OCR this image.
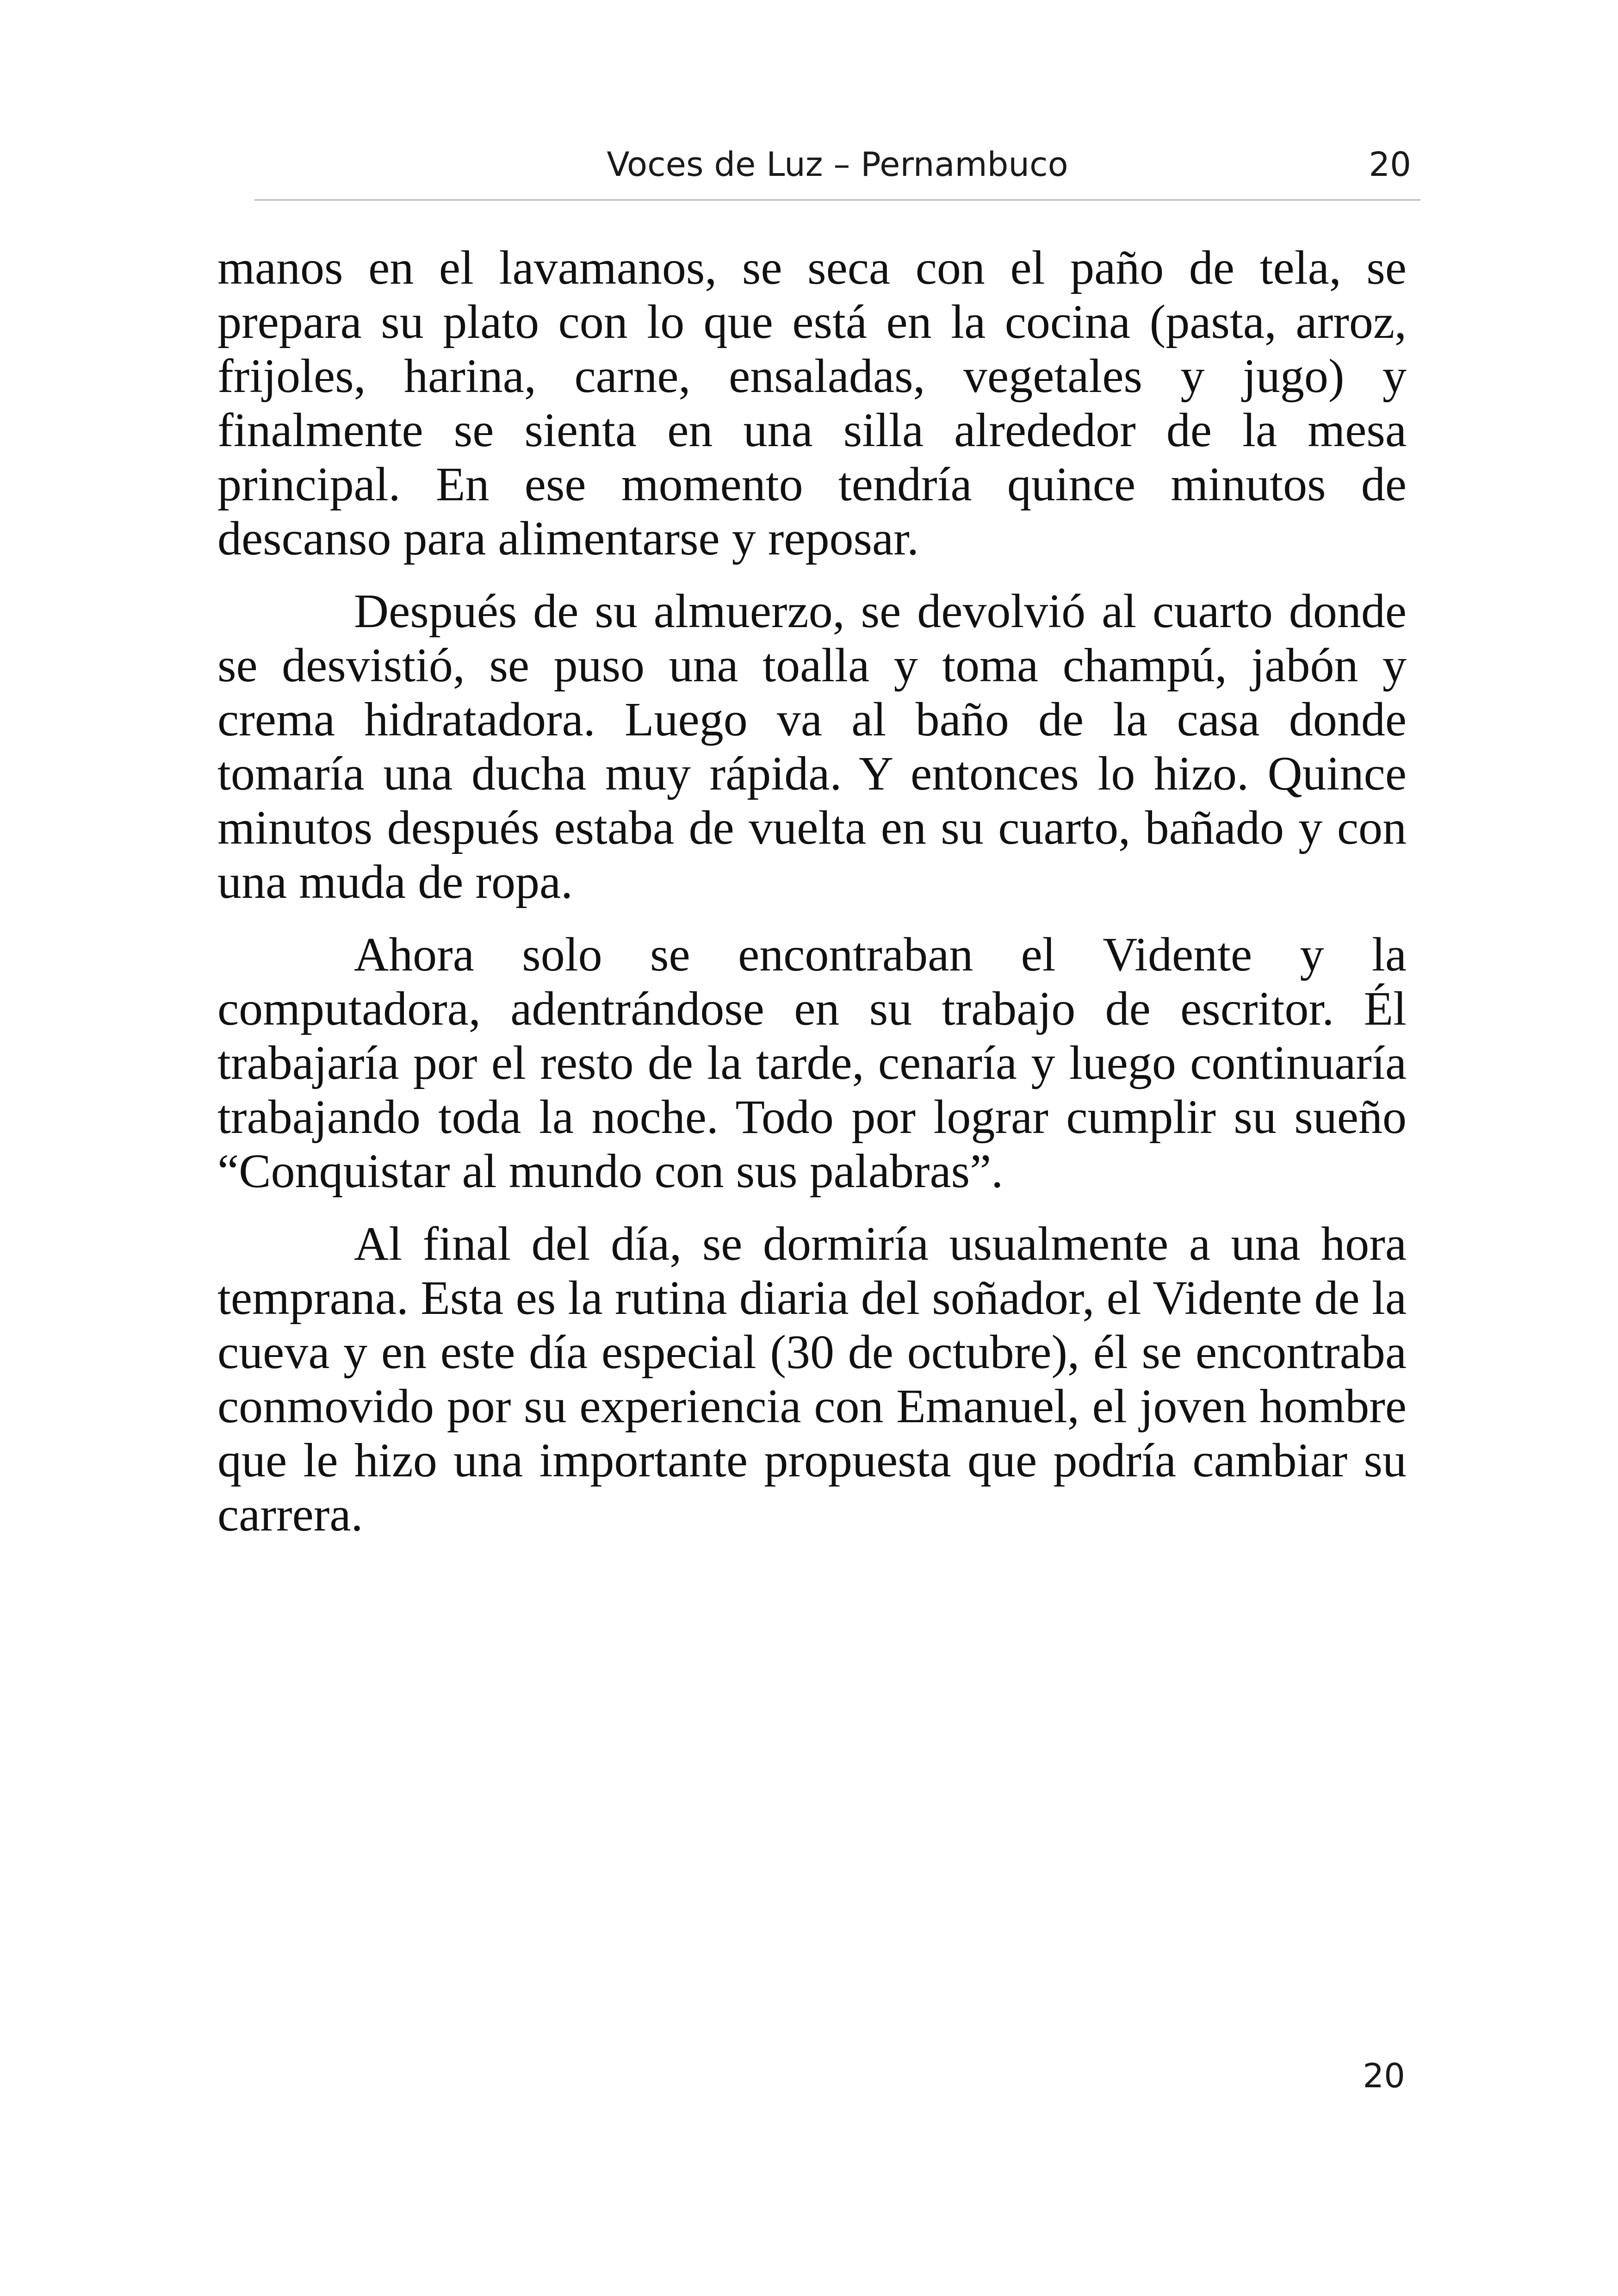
Voces de Luz – Pernambuco	20

manos en el lavamanos, se seca con el paño de tela, se prepara su plato con lo que está en la cocina (pasta, arroz, frijoles, harina, carne, ensaladas, vegetales y jugo) y finalmente se sienta en una silla alrededor de la mesa principal. En ese momento tendría quince minutos de descanso para alimentarse y reposar.

Después de su almuerzo, se devolvió al cuarto donde se desvistió, se puso una toalla y toma champú, jabón y crema hidratadora. Luego va al baño de la casa donde tomaría una ducha muy rápida. Y entonces lo hizo. Quince minutos después estaba de vuelta en su cuarto, bañado y con una muda de ropa.

Ahora solo se encontraban el Vidente y la computadora, adentrándose en su trabajo de escritor. Él trabajaría por el resto de la tarde, cenaría y luego continuaría trabajando toda la noche. Todo por lograr cumplir su sueño “Conquistar al mundo con sus palabras”.

Al final del día, se dormiría usualmente a una hora temprana. Esta es la rutina diaria del soñador, el Vidente de la cueva y en este día especial (30 de octubre), él se encontraba conmovido por su experiencia con Emanuel, el joven hombre que le hizo una importante propuesta que podría cambiar su carrera.

20
